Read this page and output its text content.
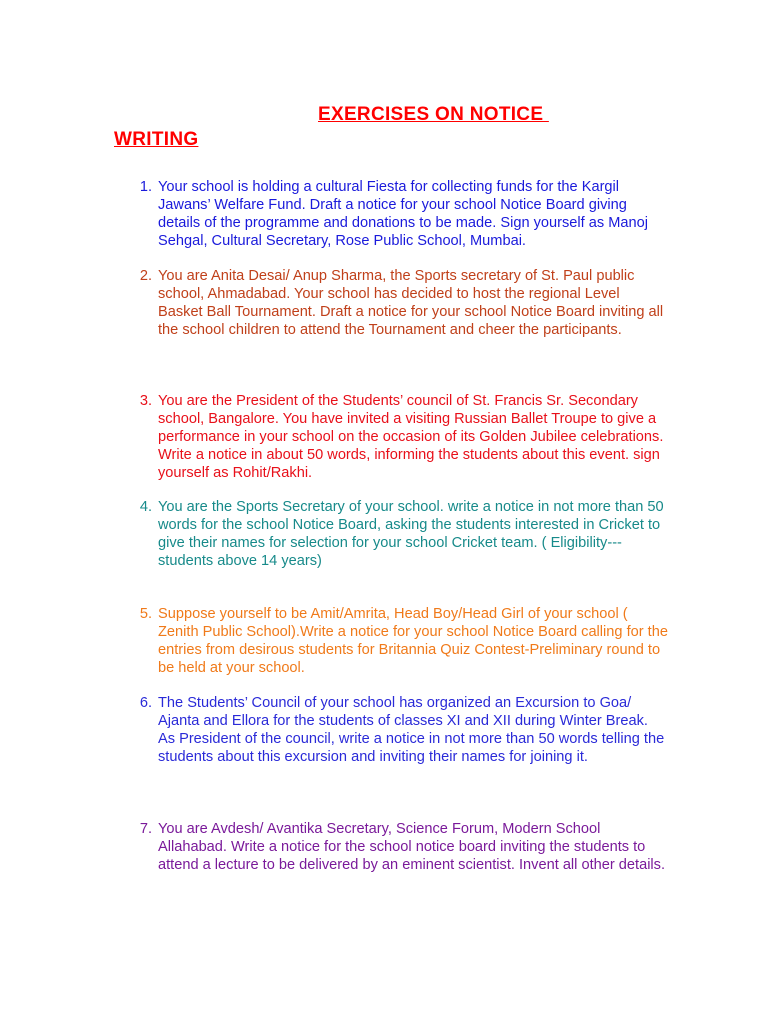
EXERCISES ON NOTICE
WRITING
1. Your school is holding a cultural Fiesta for collecting funds for the Kargil Jawans’ Welfare Fund. Draft a notice for your school Notice Board giving details of the programme and donations to be made. Sign yourself as Manoj Sehgal, Cultural Secretary, Rose Public School, Mumbai.
2. You are Anita Desai/ Anup Sharma, the Sports secretary of St. Paul public school, Ahmadabad. Your school has decided to host the regional Level Basket Ball Tournament. Draft a notice for your school Notice Board inviting all the school children to attend the Tournament and cheer the participants.
3. You are the President of the Students’ council of St. Francis Sr. Secondary school, Bangalore. You have invited a visiting Russian Ballet Troupe to give a performance in your school on the occasion of its Golden Jubilee celebrations. Write a notice in about 50 words, informing the students about this event. sign yourself as Rohit/Rakhi.
4. You are the Sports Secretary of your school. write a notice in not more than 50 words for the school Notice Board, asking the students interested in Cricket to give their names for selection for your school Cricket team. ( Eligibility---students above 14 years)
5. Suppose yourself to be Amit/Amrita, Head Boy/Head Girl of your school ( Zenith Public School).Write a notice for your school Notice Board calling for the entries from desirous students for Britannia Quiz Contest-Preliminary round to be held at your school.
6. The Students’ Council of your school has organized an Excursion to Goa/ Ajanta and Ellora for the students of classes XI and XII during Winter Break. As President of the council, write a notice in not more than 50 words telling the students about this excursion and inviting their names for joining it.
7. You are Avdesh/ Avantika Secretary, Science Forum, Modern School Allahabad. Write a notice for the school notice board inviting the students to attend a lecture to be delivered by an eminent scientist. Invent all other details.
